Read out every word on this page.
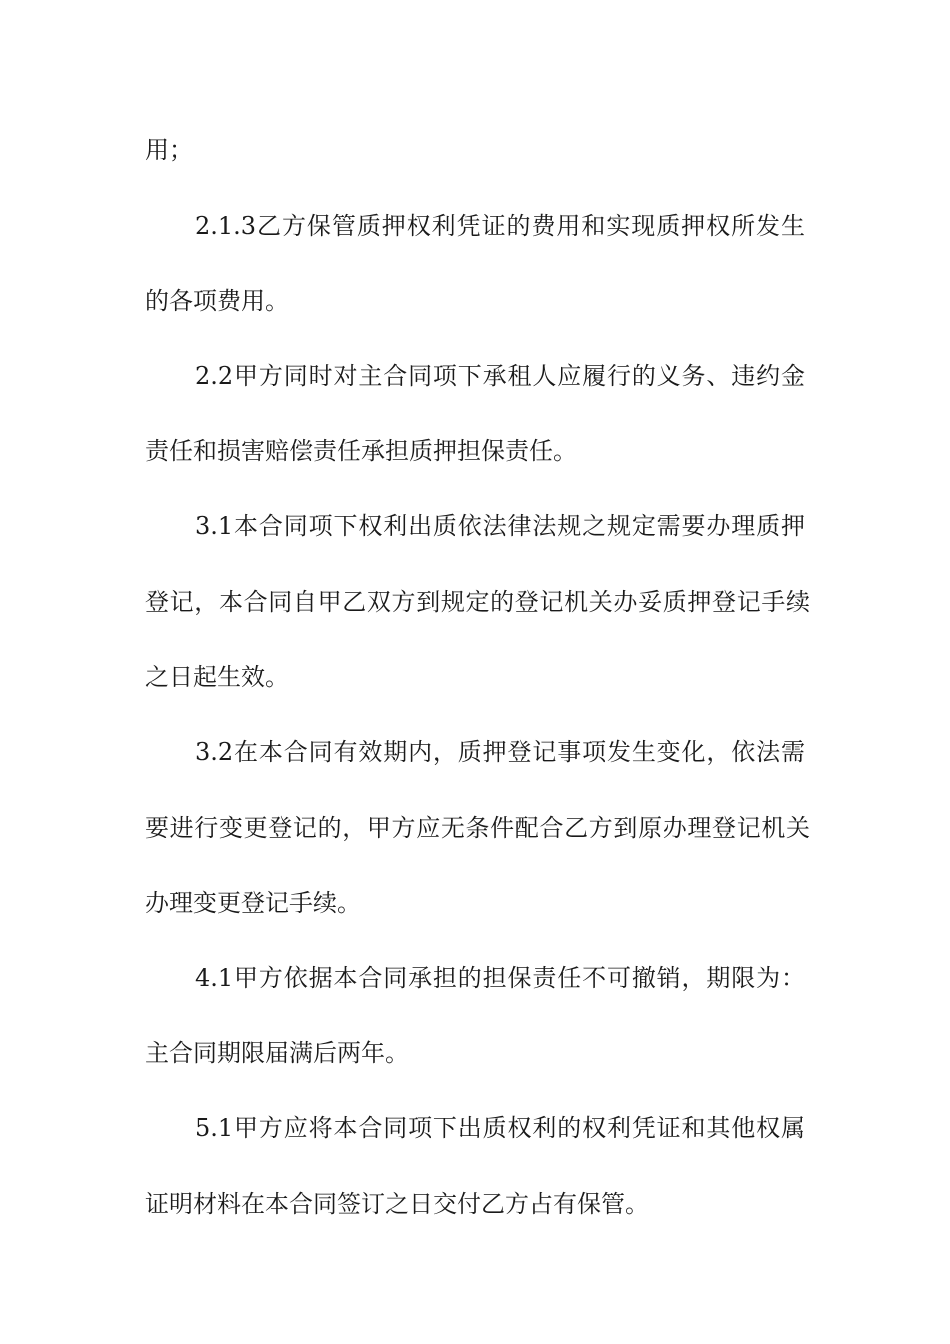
用；
2.1.3乙方保管质押权利凭证的费用和实现质押权所发生
的各项费用。
2.2甲方同时对主合同项下承租人应履行的义务、违约金
责任和损害赔偿责任承担质押担保责任。
3.1本合同项下权利出质依法律法规之规定需要办理质押
登记，本合同自甲乙双方到规定的登记机关办妥质押登记手续
之日起生效。
3.2在本合同有效期内，质押登记事项发生变化，依法需
要进行变更登记的，甲方应无条件配合乙方到原办理登记机关
办理变更登记手续。
4.1甲方依据本合同承担的担保责任不可撤销，期限为：
主合同期限届满后两年。
5.1甲方应将本合同项下出质权利的权利凭证和其他权属
证明材料在本合同签订之日交付乙方占有保管。
